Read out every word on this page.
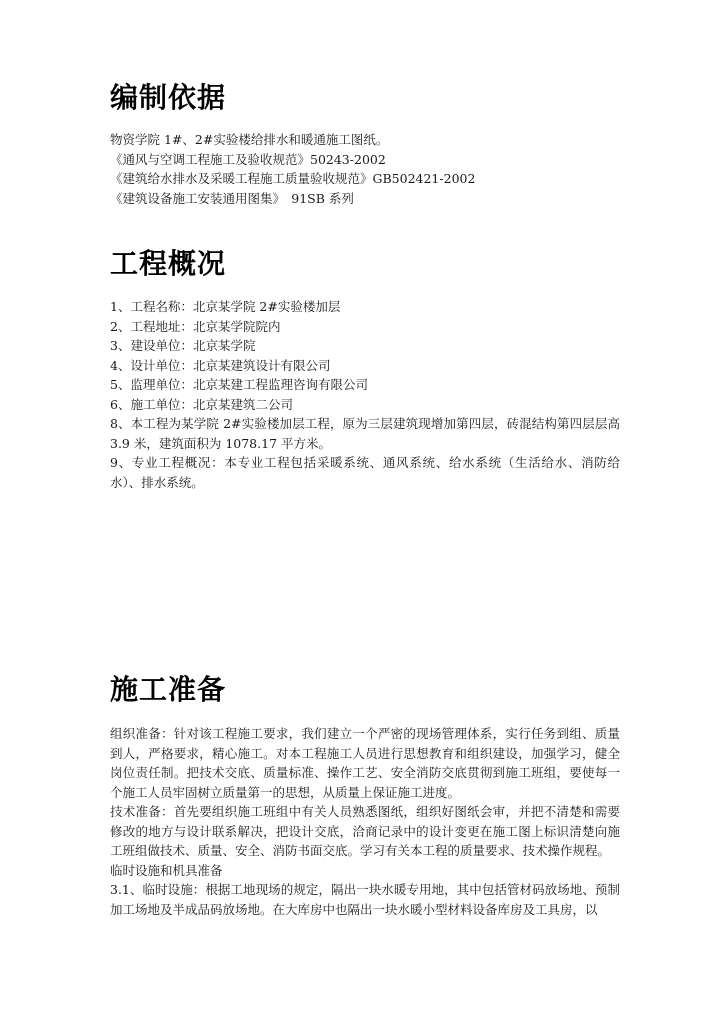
编制依据
物资学院 1#、2#实验楼给排水和暖通施工图纸。
《通风与空调工程施工及验收规范》50243-2002
《建筑给水排水及采暖工程施工质量验收规范》GB502421-2002
《建筑设备施工安装通用图集》　91SB 系列
工程概况
1、工程名称：北京某学院 2#实验楼加层
2、工程地址：北京某学院院内
3、建设单位：北京某学院
4、设计单位：北京某建筑设计有限公司
5、监理单位：北京某建工程监理咨询有限公司
6、施工单位：北京某建筑二公司
8、本工程为某学院 2#实验楼加层工程，原为三层建筑现增加第四层，砖混结构第四层层高 3.9 米，建筑面积为 1078.17 平方米。
9、专业工程概况：本专业工程包括采暖系统、通风系统、给水系统（生活给水、消防给水）、排水系统。
施工准备
组织准备：针对该工程施工要求，我们建立一个严密的现场管理体系，实行任务到组、质量到人，严格要求，精心施工。对本工程施工人员进行思想教育和组织建设，加强学习，健全岗位责任制。把技术交底、质量标准、操作工艺、安全消防交底贯彻到施工班组，要使每一个施工人员牢固树立质量第一的思想，从质量上保证施工进度。
技术准备：首先要组织施工班组中有关人员熟悉图纸，组织好图纸会审，并把不清楚和需要修改的地方与设计联系解决，把设计交底，洽商记录中的设计变更在施工图上标识清楚向施工班组做技术、质量、安全、消防书面交底。学习有关本工程的质量要求、技术操作规程。
临时设施和机具准备
3.1、临时设施：根据工地现场的规定，隔出一块水暖专用地，其中包括管材码放场地、预制加工场地及半成品码放场地。在大库房中也隔出一块水暖小型材料设备库房及工具房，以
